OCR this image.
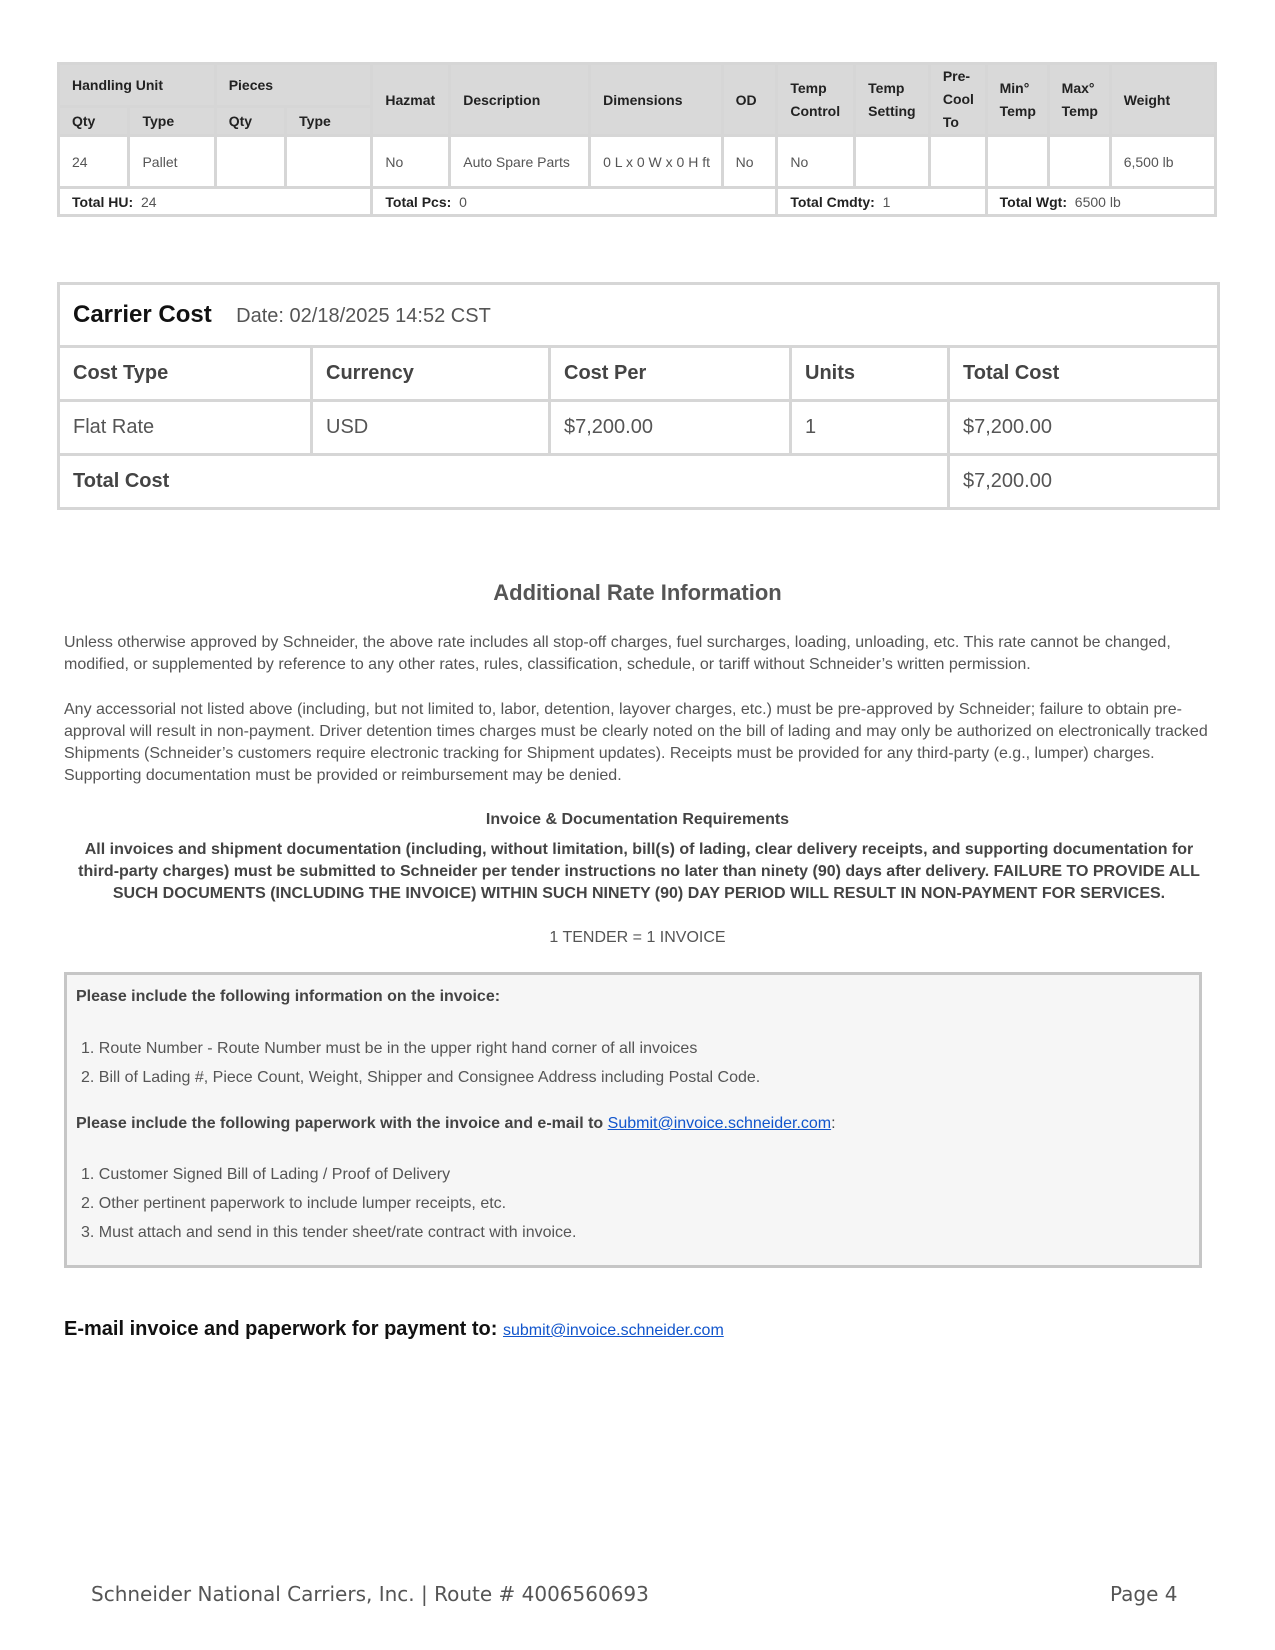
Handling Unit		Pieces		Hazmat	Description	Dimensions	OD	Temp Control	Temp Setting	Pre-Cool To	Min° Temp	Max° Temp	Weight
Qty	Type	Qty	Type										
24	Pallet			No	Auto Spare Parts	0 L x 0 W x 0 H ft	No	No					6,500 lb
Total HU: 24				Total Pcs: 0				Total Cmdty: 1			Total Wgt: 6500 lb		
Carrier Cost Date: 02/18/2025 14:52 CST				
Cost Type	Currency	Cost Per	Units	Total Cost
Flat Rate	USD	$7,200.00	1	$7,200.00
Total Cost				$7,200.00
Additional Rate Information
Unless otherwise approved by Schneider, the above rate includes all stop-off charges, fuel surcharges, loading, unloading, etc. This rate cannot be changed, modified, or supplemented by reference to any other rates, rules, classification, schedule, or tariff without Schneider’s written permission.
Any accessorial not listed above (including, but not limited to, labor, detention, layover charges, etc.) must be pre-approved by Schneider; failure to obtain pre-approval will result in non-payment. Driver detention times charges must be clearly noted on the bill of lading and may only be authorized on electronically tracked Shipments (Schneider’s customers require electronic tracking for Shipment updates). Receipts must be provided for any third-party (e.g., lumper) charges. Supporting documentation must be provided or reimbursement may be denied.
Invoice & Documentation Requirements
All invoices and shipment documentation (including, without limitation, bill(s) of lading, clear delivery receipts, and supporting documentation for third-party charges) must be submitted to Schneider per tender instructions no later than ninety (90) days after delivery. FAILURE TO PROVIDE ALL SUCH DOCUMENTS (INCLUDING THE INVOICE) WITHIN SUCH NINETY (90) DAY PERIOD WILL RESULT IN NON-PAYMENT FOR SERVICES.
1 TENDER = 1 INVOICE
Please include the following information on the invoice:
1. Route Number - Route Number must be in the upper right hand corner of all invoices
2. Bill of Lading #, Piece Count, Weight, Shipper and Consignee Address including Postal Code.
Please include the following paperwork with the invoice and e-mail to Submit@invoice.schneider.com:
1. Customer Signed Bill of Lading / Proof of Delivery
2. Other pertinent paperwork to include lumper receipts, etc.
3. Must attach and send in this tender sheet/rate contract with invoice.
E-mail invoice and paperwork for payment to: submit@invoice.schneider.com
Schneider National Carriers, Inc. | Route # 4006560693	Page 4
